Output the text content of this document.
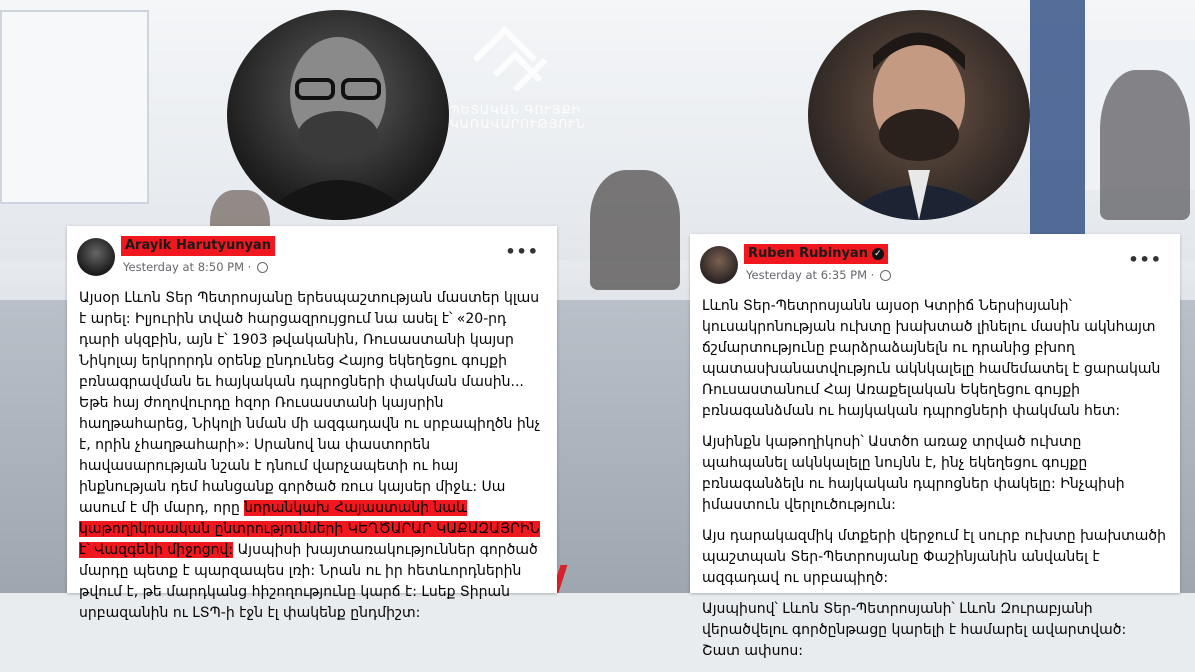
ՊԵՏԱԿԱՆ ԳՈՒՅՔԻ ԿԱՌԱՎԱՐՈՒԹՅՈՒՆ
Arayik Harutyunyan
Yesterday at 8:50 PM ·
•••
Այսօր Լևոն Տեր Պետրոսյանը երեսպաշտության մաստեր կլաս է արել: Իլյուրին տված հարցազրույցում նա ասել է՝ «20-րդ դարի սկզբին, այն է՝ 1903 թվականին, Ռուսաստանի կայսր Նիկոլայ երկրորդն օրենք ընդունեց Հայոց եկեղեցու գույքի բռնագրավման եւ հայկական դպրոցների փակման մասին... Եթե հայ ժողովուրդը հզոր Ռուսաստանի կայսրին հաղթահարեց, Նիկոլի նման մի ազգադավն ու սրբապիղծն ինչ է, որին չհաղթահարի»: Սրանով նա փաստորեն հավասարության նշան է դնում վարչապետի ու հայ ինքնության դեմ հանցանք գործած ռուս կայսեր միջև: Սա ասում է մի մարդ, որը նորանկախ Հայաստանի նաև կաթողիկոսական ընտրությունների ԿԵՂԾԱՐԱՐ ԿԱՔԱԶԱՅՐԻՆ է՝ Վազգենի միջոցով: Այսպիսի խայտառակություններ գործած մարդը պետք է պարզապես լռի: Նրան ու իր հետևորդներին թվում է, թե մարդկանց հիշողությունը կարճ է: Լսեք Տիրան սրբազանին ու ԼՏՊ-ի էջն էլ փակենք ընդմիշտ:
Ruben Rubinyan ✓
Yesterday at 6:35 PM ·
•••

Լևոն Տեր-Պետրոսյանն այսօր Կտրիճ Ներսիսյանի՝ կուսակրոնության ուխտը խախտած լինելու մասին ակնհայտ ճշմարտությունը բարձրաձայնելն ու դրանից բխող պատասխանատվություն ակնկալելը համեմատել է ցարական Ռուսաստանում Հայ Առաքելական Եկեղեցու գույքի բռնագանձման ու հայկական դպրոցների փակման հետ:

Այսինքն կաթողիկոսի՝ Աստծո առաջ տրված ուխտը պահպանել ակնկալելը նույնն է, ինչ եկեղեցու գույքը բռնագանձելն ու հայկական դպրոցներ փակելը: Ինչպիսի իմաստուն վերլուծություն:

Այս դարակազմիկ մտքերի վերջում էլ սուրբ ուխտը խախտածի պաշտպան Տեր-Պետրոսյանը Փաշինյանին անվանել է ազգադավ ու սրբապիղծ:

Այսպիսով՝ Լևոն Տեր-Պետրոսյանի՝ Լևոն Զուրաբյանի վերածվելու գործընթացը կարելի է համարել ավարտված: Շատ ափսոս:
